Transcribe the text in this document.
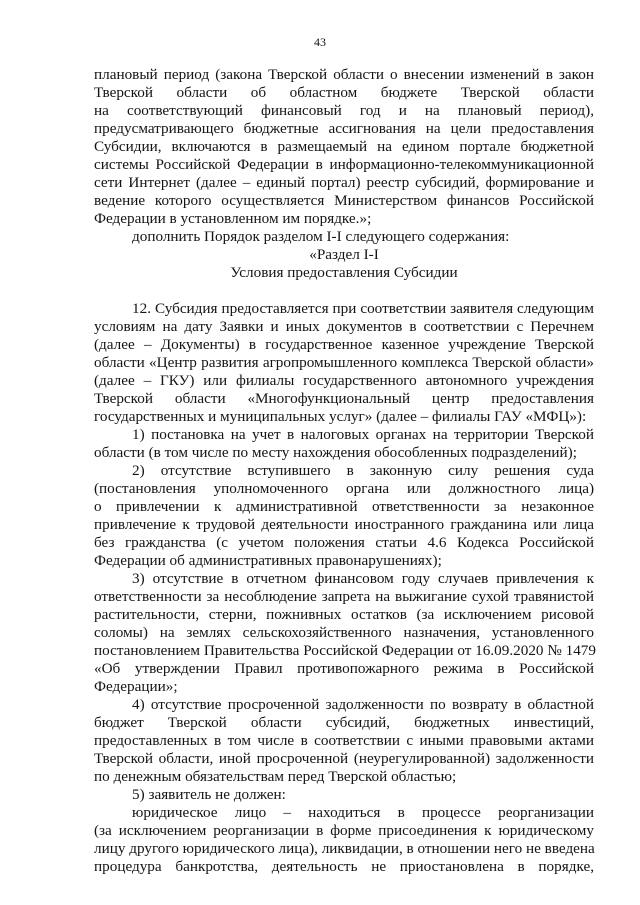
43
плановый период (закона Тверской области о внесении изменений в закон
Тверской области об областном бюджете Тверской области
на соответствующий финансовый год и на плановый период),
предусматривающего бюджетные ассигнования на цели предоставления
Субсидии, включаются в размещаемый на едином портале бюджетной
системы Российской Федерации в информационно-телекоммуникационной
сети Интернет (далее – единый портал) реестр субсидий, формирование и
ведение которого осуществляется Министерством финансов Российской
Федерации в установленном им порядке.»;
дополнить Порядок разделом I-I следующего содержания:
«Раздел I-I
Условия предоставления Субсидии
12. Субсидия предоставляется при соответствии заявителя следующим
условиям на дату Заявки и иных документов в соответствии с Перечнем
(далее – Документы) в государственное казенное учреждение Тверской
области «Центр развития агропромышленного комплекса Тверской области»
(далее – ГКУ) или филиалы государственного автономного учреждения
Тверской области «Многофункциональный центр предоставления
государственных и муниципальных услуг» (далее – филиалы ГАУ «МФЦ»):
1) постановка на учет в налоговых органах на территории Тверской
области (в том числе по месту нахождения обособленных подразделений);
2) отсутствие вступившего в законную силу решения суда
(постановления уполномоченного органа или должностного лица)
о привлечении к административной ответственности за незаконное
привлечение к трудовой деятельности иностранного гражданина или лица
без гражданства (с учетом положения статьи 4.6 Кодекса Российской
Федерации об административных правонарушениях);
3) отсутствие в отчетном финансовом году случаев привлечения к
ответственности за несоблюдение запрета на выжигание сухой травянистой
растительности, стерни, пожнивных остатков (за исключением рисовой
соломы) на землях сельскохозяйственного назначения, установленного
постановлением Правительства Российской Федерации от 16.09.2020 № 1479
«Об утверждении Правил противопожарного режима в Российской
Федерации»;
4) отсутствие просроченной задолженности по возврату в областной
бюджет Тверской области субсидий, бюджетных инвестиций,
предоставленных в том числе в соответствии с иными правовыми актами
Тверской области, иной просроченной (неурегулированной) задолженности
по денежным обязательствам перед Тверской областью;
5) заявитель не должен:
юридическое лицо – находиться в процессе реорганизации
(за исключением реорганизации в форме присоединения к юридическому
лицу другого юридического лица), ликвидации, в отношении него не введена
процедура банкротства, деятельность не приостановлена в порядке,
